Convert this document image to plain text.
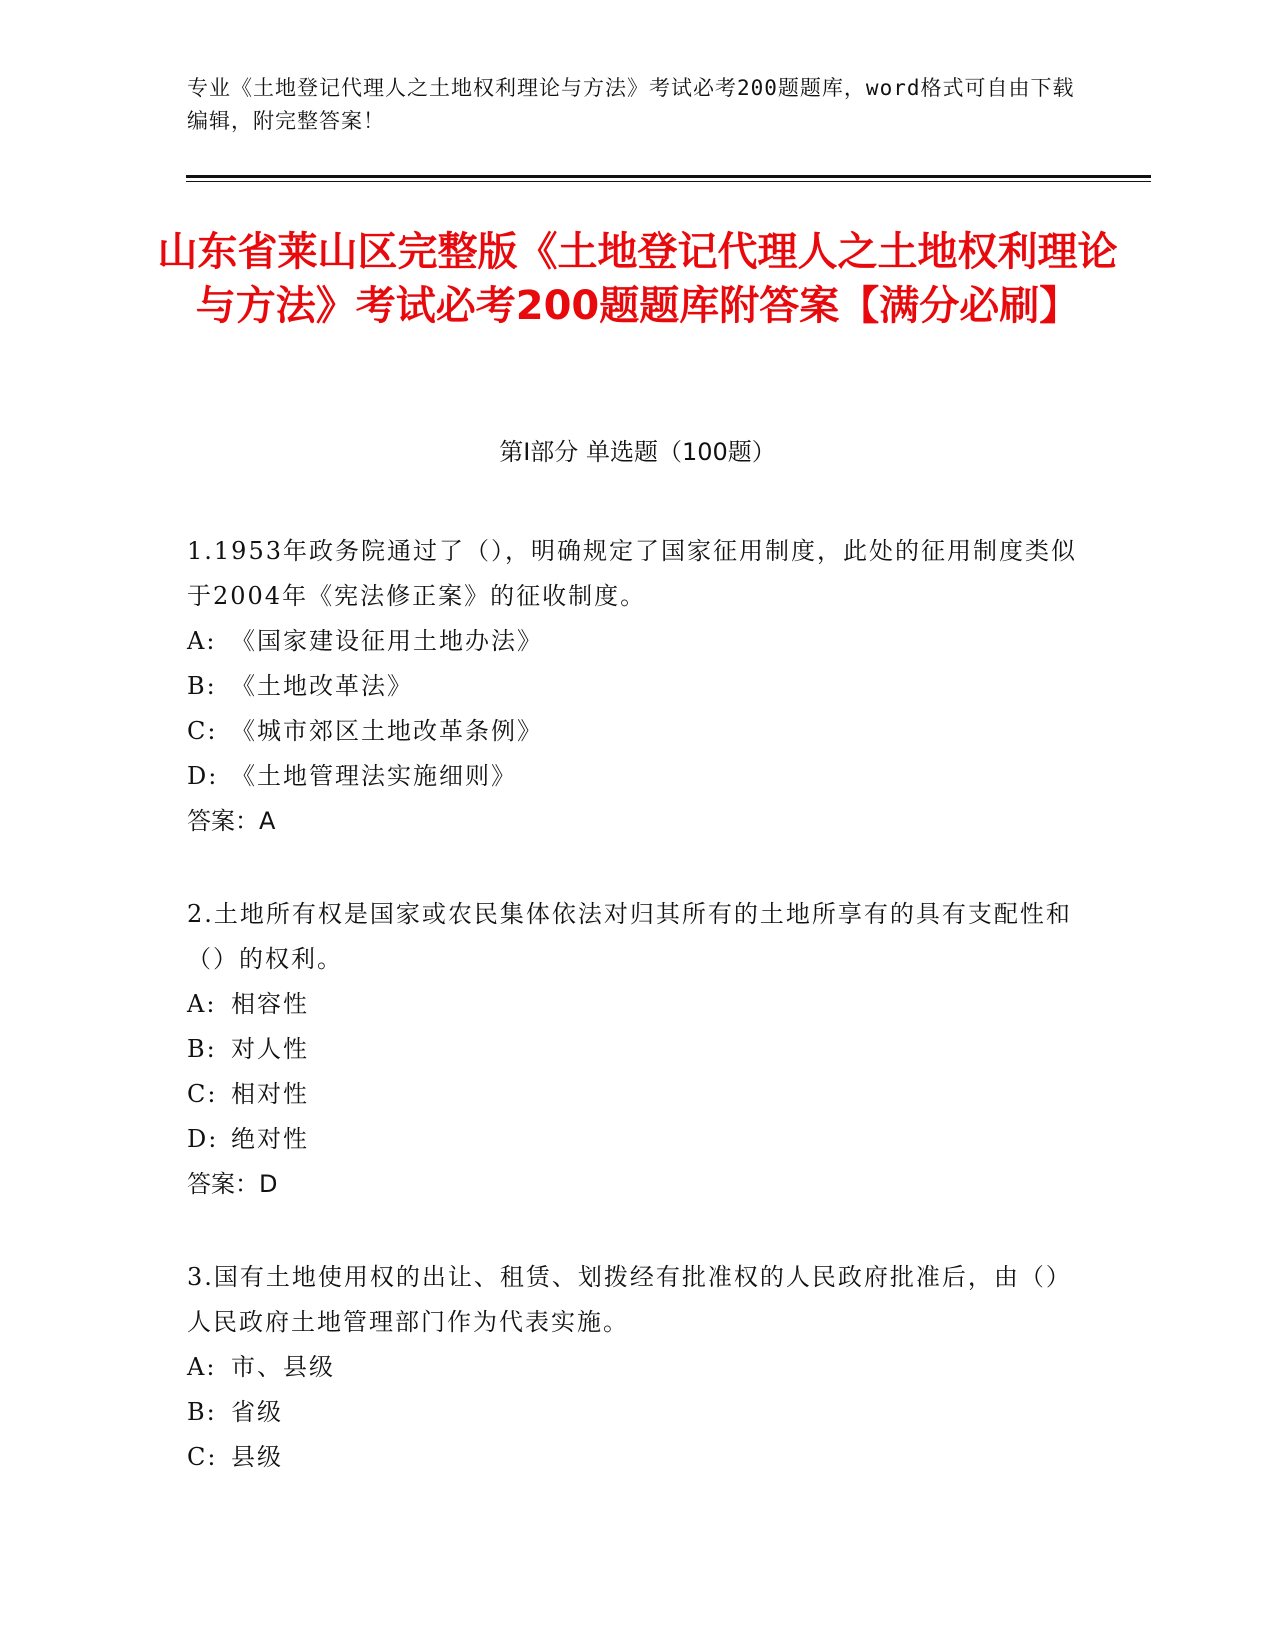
专业《土地登记代理人之土地权利理论与方法》考试必考200题题库，word格式可自由下载编辑，附完整答案！
山东省莱山区完整版《土地登记代理人之土地权利理论与方法》考试必考200题题库附答案【满分必刷】
第Ⅰ部分 单选题（100题）
1.1953年政务院通过了（），明确规定了国家征用制度，此处的征用制度类似于2004年《宪法修正案》的征收制度。
A: 《国家建设征用土地办法》
B: 《土地改革法》
C: 《城市郊区土地改革条例》
D: 《土地管理法实施细则》
答案：A
2.土地所有权是国家或农民集体依法对归其所有的土地所享有的具有支配性和（）的权利。
A: 相容性
B: 对人性
C: 相对性
D: 绝对性
答案：D
3.国有土地使用权的出让、租赁、划拨经有批准权的人民政府批准后，由（）人民政府土地管理部门作为代表实施。
A: 市、县级
B: 省级
C: 县级
